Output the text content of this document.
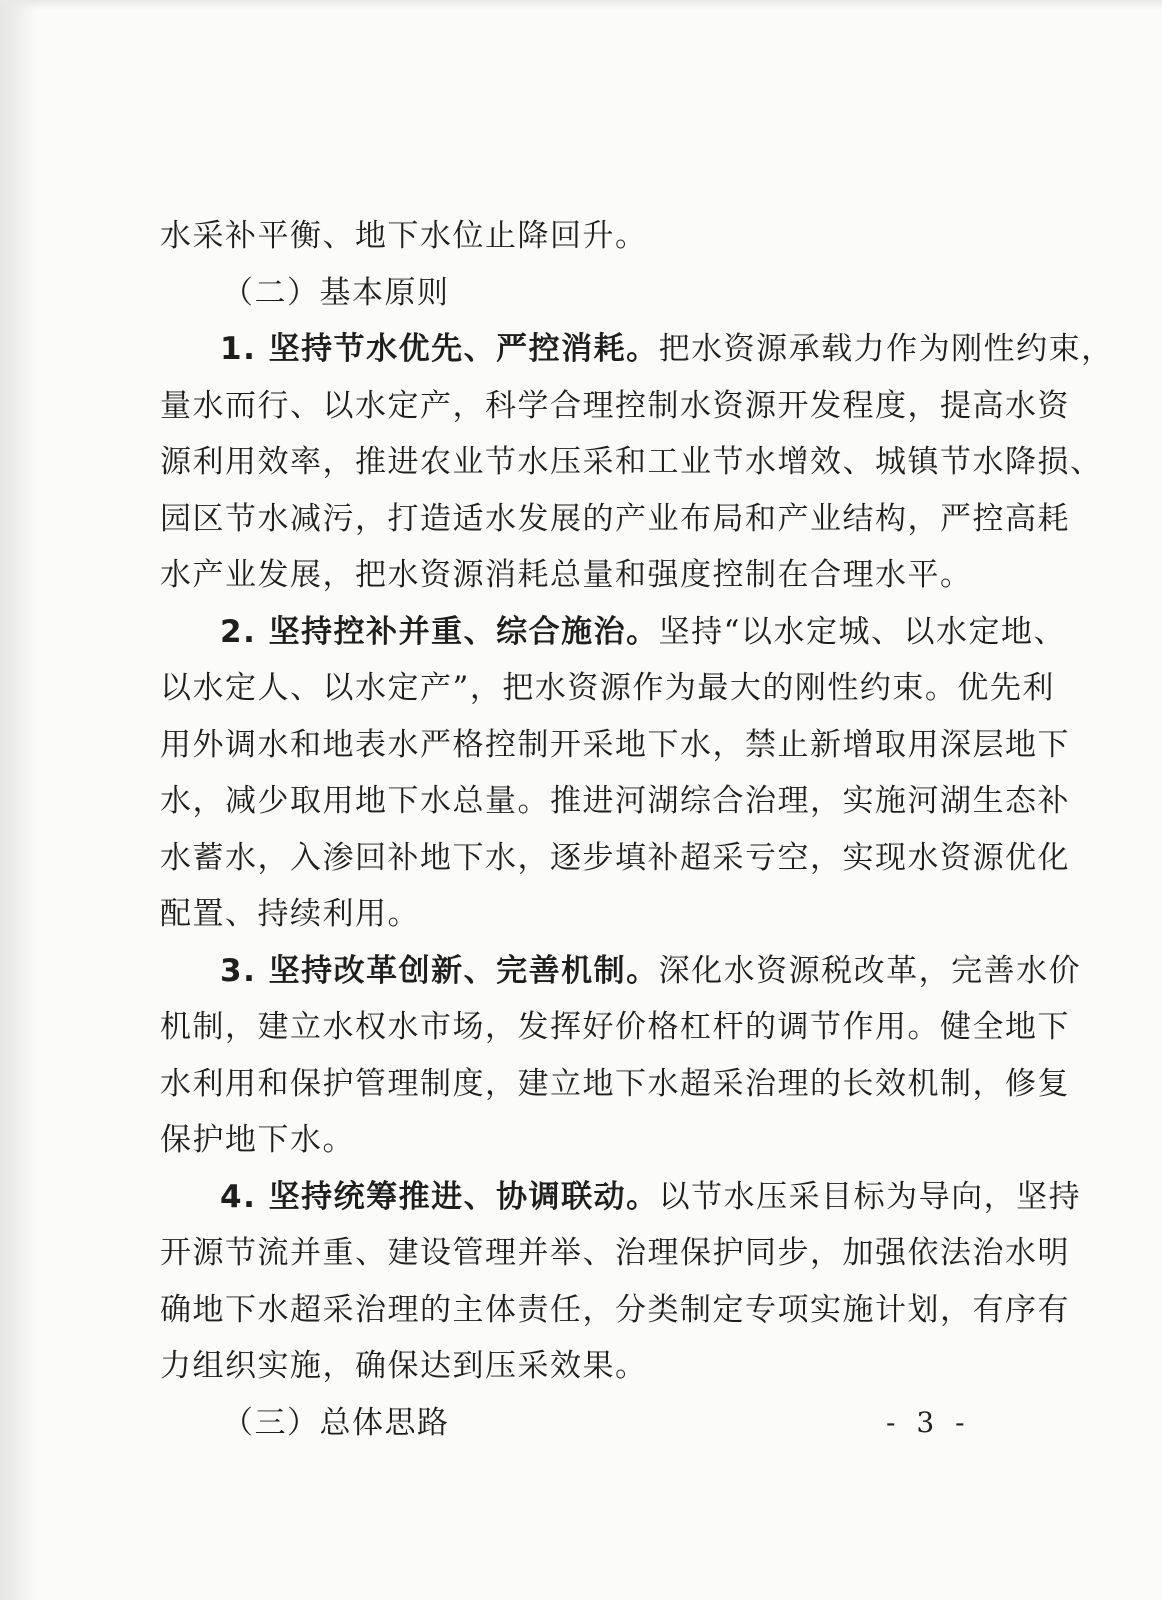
水采补平衡、地下水位止降回升。
（二）基本原则
1. 坚持节水优先、严控消耗。把水资源承载力作为刚性约束，
量水而行、以水定产，科学合理控制水资源开发程度，提高水资
源利用效率，推进农业节水压采和工业节水增效、城镇节水降损、
园区节水减污，打造适水发展的产业布局和产业结构，严控高耗
水产业发展，把水资源消耗总量和强度控制在合理水平。
2. 坚持控补并重、综合施治。坚持“以水定城、以水定地、
以水定人、以水定产”，把水资源作为最大的刚性约束。优先利
用外调水和地表水严格控制开采地下水，禁止新增取用深层地下
水，减少取用地下水总量。推进河湖综合治理，实施河湖生态补
水蓄水，入渗回补地下水，逐步填补超采亏空，实现水资源优化
配置、持续利用。
3. 坚持改革创新、完善机制。深化水资源税改革，完善水价
机制，建立水权水市场，发挥好价格杠杆的调节作用。健全地下
水利用和保护管理制度，建立地下水超采治理的长效机制，修复
保护地下水。
4. 坚持统筹推进、协调联动。以节水压采目标为导向，坚持
开源节流并重、建设管理并举、治理保护同步，加强依法治水明
确地下水超采治理的主体责任，分类制定专项实施计划，有序有
力组织实施，确保达到压采效果。
（三）总体思路	- 3 -
